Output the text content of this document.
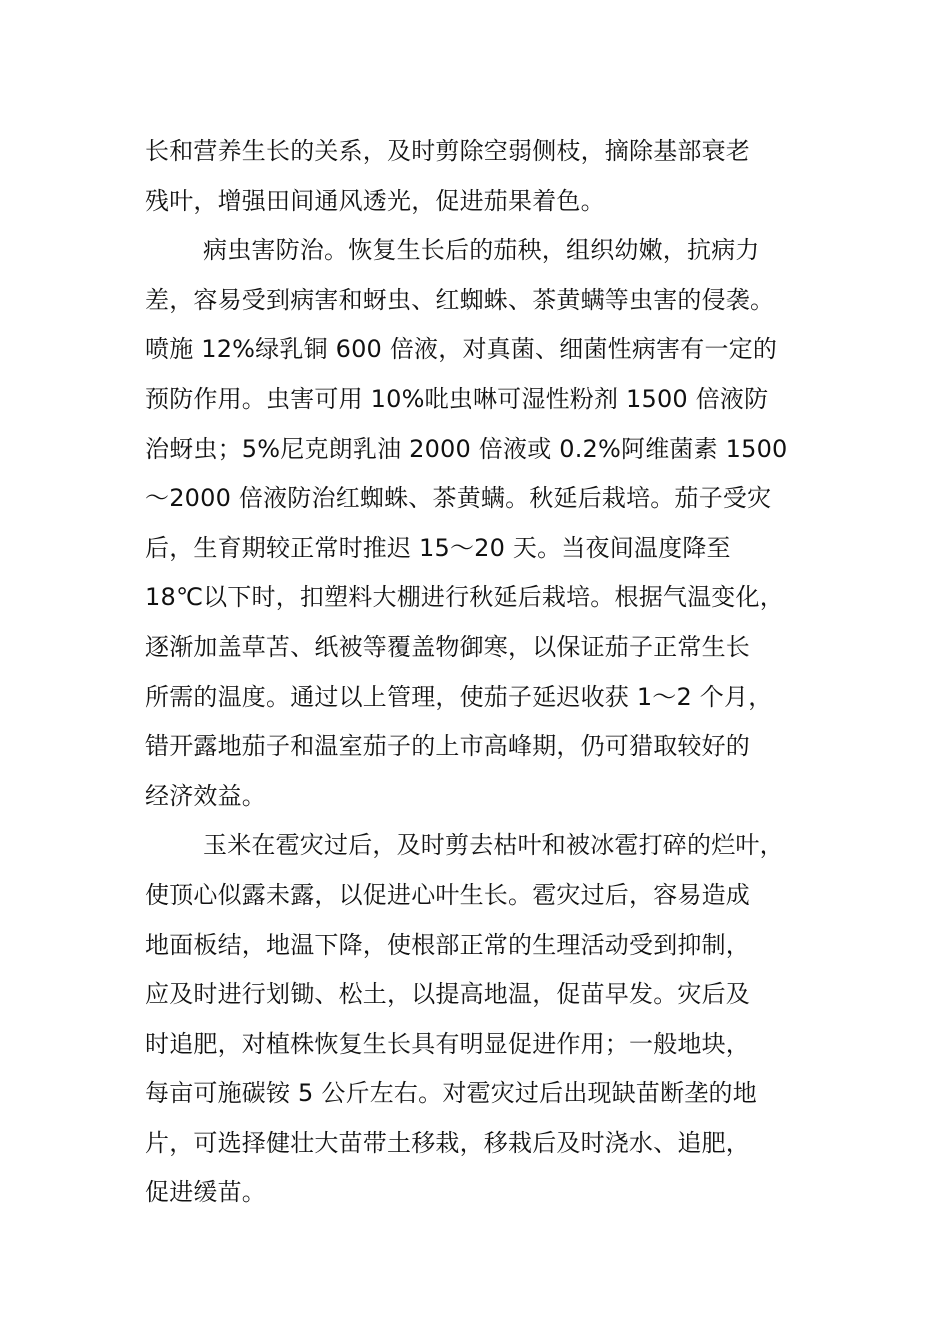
长和营养生长的关系，及时剪除空弱侧枝，摘除基部衰老
残叶，增强田间通风透光，促进茄果着色。
病虫害防治。恢复生长后的茄秧，组织幼嫩，抗病力
差，容易受到病害和蚜虫、红蜘蛛、茶黄螨等虫害的侵袭。
喷施 12%绿乳铜 600 倍液，对真菌、细菌性病害有一定的
预防作用。虫害可用 10%吡虫啉可湿性粉剂 1500 倍液防
治蚜虫；5%尼克朗乳油 2000 倍液或 0.2%阿维菌素 1500
～2000 倍液防治红蜘蛛、茶黄螨。秋延后栽培。茄子受灾
后，生育期较正常时推迟 15～20 天。当夜间温度降至
18℃以下时，扣塑料大棚进行秋延后栽培。根据气温变化，
逐渐加盖草苫、纸被等覆盖物御寒，以保证茄子正常生长
所需的温度。通过以上管理，使茄子延迟收获 1～2 个月，
错开露地茄子和温室茄子的上市高峰期，仍可猎取较好的
经济效益。
玉米在雹灾过后，及时剪去枯叶和被冰雹打碎的烂叶，
使顶心似露未露，以促进心叶生长。雹灾过后，容易造成
地面板结，地温下降，使根部正常的生理活动受到抑制，
应及时进行划锄、松土，以提高地温，促苗早发。灾后及
时追肥，对植株恢复生长具有明显促进作用；一般地块，
每亩可施碳铵 5 公斤左右。对雹灾过后出现缺苗断垄的地
片，可选择健壮大苗带土移栽，移栽后及时浇水、追肥，
促进缓苗。
